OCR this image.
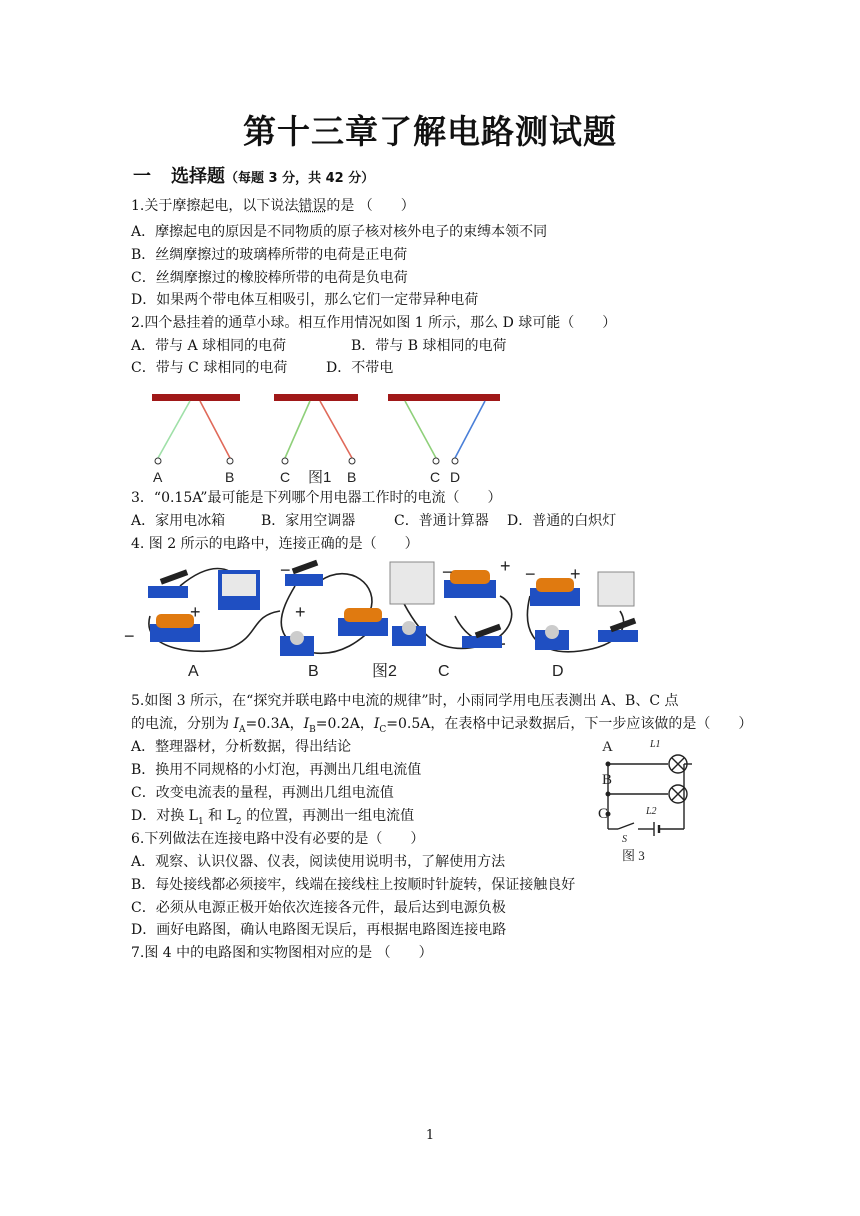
第十三章了解电路测试题
一 选择题（每题 3 分，共 42 分）
1.关于摩擦起电，以下说法错误的是 （　　）
A．摩擦起电的原因是不同物质的原子核对核外电子的束缚本领不同
B．丝绸摩擦过的玻璃棒所带的电荷是正电荷
C．丝绸摩擦过的橡胶棒所带的电荷是负电荷
D．如果两个带电体互相吸引，那么它们一定带异种电荷
2.四个悬挂着的通草小球。相互作用情况如图 1 所示，那么 D 球可能（　　）
A．带与 A 球相同的电荷	B．带与 B 球相同的电荷
C．带与 C 球相同的电荷	D．不带电
A	B	C	B	C D
图1
3．“0.15A”最可能是下列哪个用电器工作时的电流（　　）
A．家用电冰箱	B．家用空调器	C．普通计算器 D．普通的白炽灯
4. 图 2 所示的电路中，连接正确的是（　　）
−
+
−
+
−	+ − +
A	B	图2	C	D
5.如图 3 所示，在“探究并联电路中电流的规律”时，小雨同学用电压表测出 A、B、C 点
的电流，分别为 $I_A=0.3A$，$I_B=0.2A$，$I_C=0.5A$，在表格中记录数据后，下一步应该做的是（　　）
A．整理器材，分析数据，得出结论
B．换用不同规格的小灯泡，再测出几组电流值
C．改变电流表的量程，再测出几组电流值
D．对换 $L_1$ 和 $L_2$ 的位置，再测出一组电流值
A
B
C
L1
L2
S
图 3
6.下列做法在连接电路中没有必要的是（　　）
A．观察、认识仪器、仪表，阅读使用说明书，了解使用方法
B．每处接线都必须接牢，线端在接线柱上按顺时针旋转，保证接触良好
C．必须从电源正极开始依次连接各元件，最后达到电源负极
D．画好电路图，确认电路图无误后，再根据电路图连接电路
7.图 4 中的电路图和实物图相对应的是 （　　）
1
